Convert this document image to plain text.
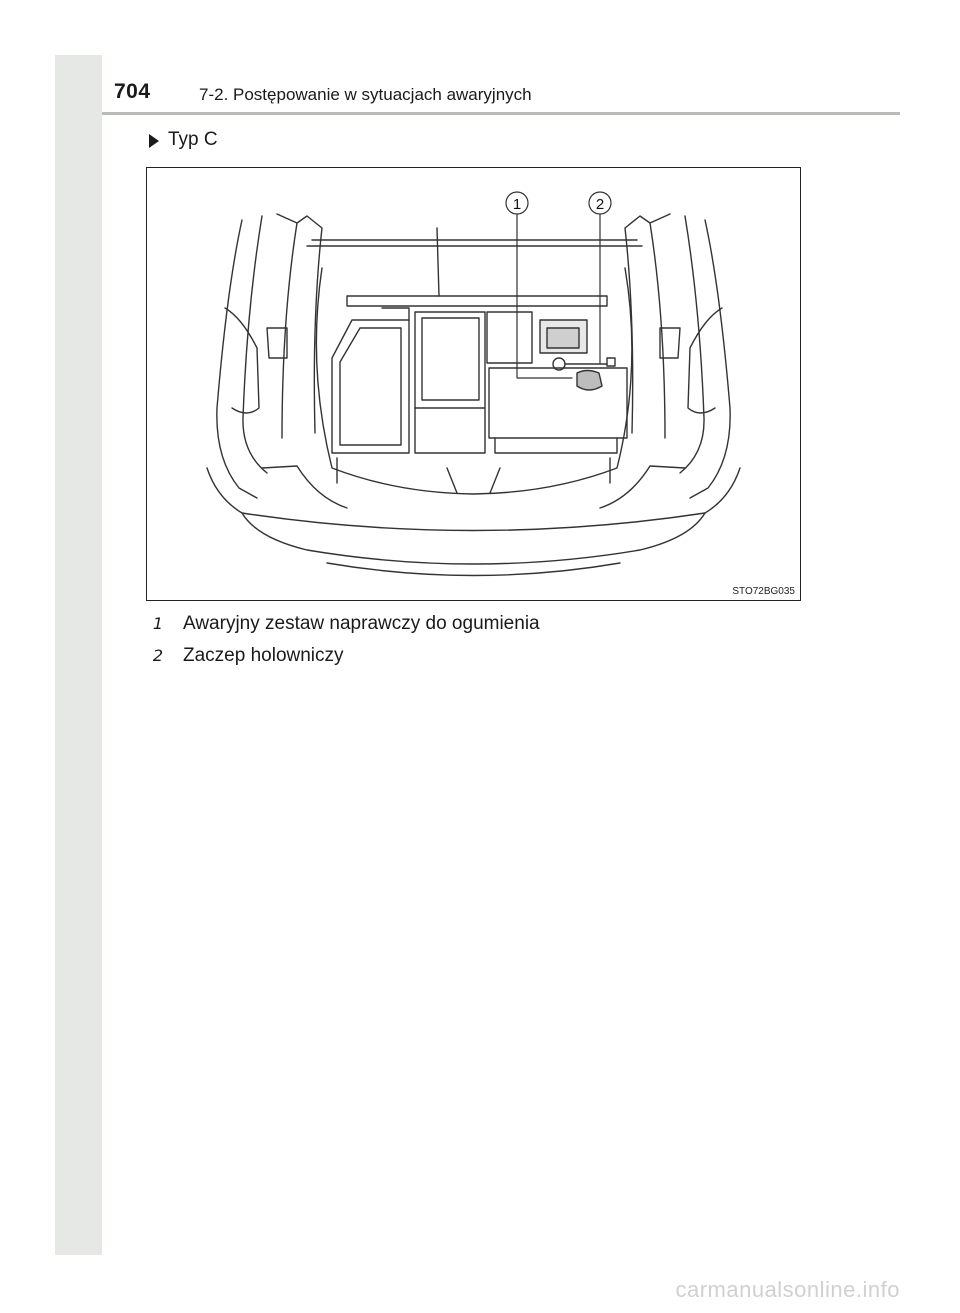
704	7-2. Postępowanie w sytuacjach awaryjnych
Typ C
1	2
STO72BG035
1 Awaryjny zestaw naprawczy do ogumienia
2 Zaczep holowniczy
carmanualsonline.info
